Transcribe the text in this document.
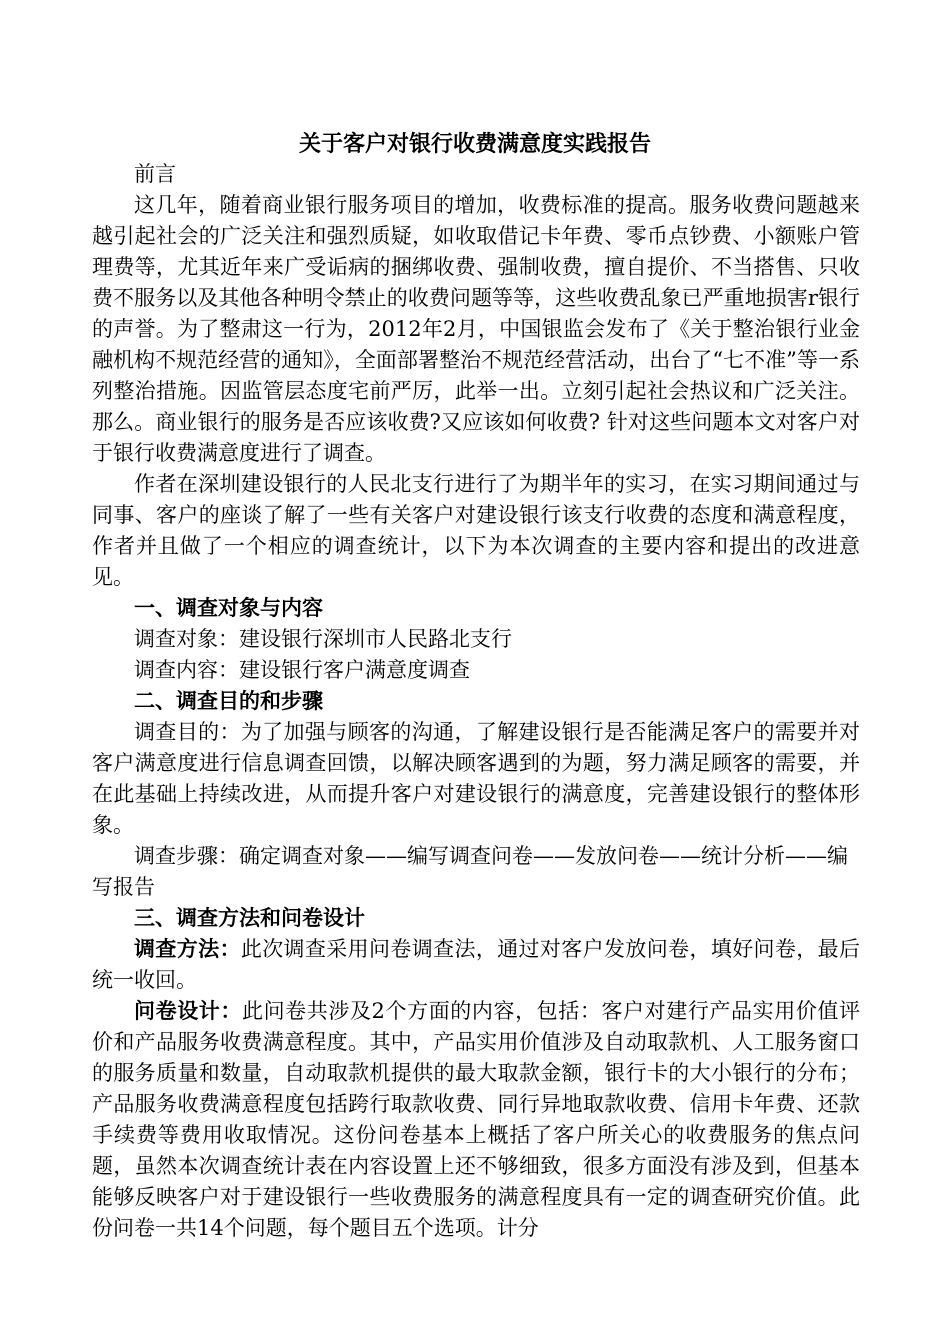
关于客户对银行收费满意度实践报告

前言

这几年，随着商业银行服务项目的增加，收费标准的提高。服务收费问题越来越引起社会的广泛关注和强烈质疑，如收取借记卡年费、零币点钞费、小额账户管理费等，尤其近年来广受诟病的捆绑收费、强制收费，擅自提价、不当搭售、只收费不服务以及其他各种明令禁止的收费问题等等，这些收费乱象已严重地损害r银行的声誉。为了整肃这一行为，2012年2月，中国银监会发布了《关于整治银行业金融机构不规范经营的通知》，全面部署整治不规范经营活动，出台了“七不准”等一系列整治措施。因监管层态度宅前严厉，此举一出。立刻引起社会热议和广泛关注。那么。商业银行的服务是否应该收费?又应该如何收费? 针对这些问题本文对客户对于银行收费满意度进行了调查。

作者在深圳建设银行的人民北支行进行了为期半年的实习，在实习期间通过与同事、客户的座谈了解了一些有关客户对建设银行该支行收费的态度和满意程度，作者并且做了一个相应的调查统计，以下为本次调查的主要内容和提出的改进意见。

一、调查对象与内容

调查对象：建设银行深圳市人民路北支行

调查内容：建设银行客户满意度调查

二、调查目的和步骤

调查目的：为了加强与顾客的沟通，了解建设银行是否能满足客户的需要并对客户满意度进行信息调查回馈，以解决顾客遇到的为题，努力满足顾客的需要，并在此基础上持续改进，从而提升客户对建设银行的满意度，完善建设银行的整体形象。

调查步骤：确定调查对象——编写调查问卷——发放问卷——统计分析——编写报告

三、调查方法和问卷设计

调查方法：此次调查采用问卷调查法，通过对客户发放问卷，填好问卷，最后统一收回。

问卷设计：此问卷共涉及2个方面的内容，包括：客户对建行产品实用价值评价和产品服务收费满意程度。其中，产品实用价值涉及自动取款机、人工服务窗口的服务质量和数量，自动取款机提供的最大取款金额，银行卡的大小银行的分布；产品服务收费满意程度包括跨行取款收费、同行异地取款收费、信用卡年费、还款手续费等费用收取情况。这份问卷基本上概括了客户所关心的收费服务的焦点问题，虽然本次调查统计表在内容设置上还不够细致，很多方面没有涉及到，但基本能够反映客户对于建设银行一些收费服务的满意程度具有一定的调查研究价值。此份问卷一共14个问题，每个题目五个选项。计分
